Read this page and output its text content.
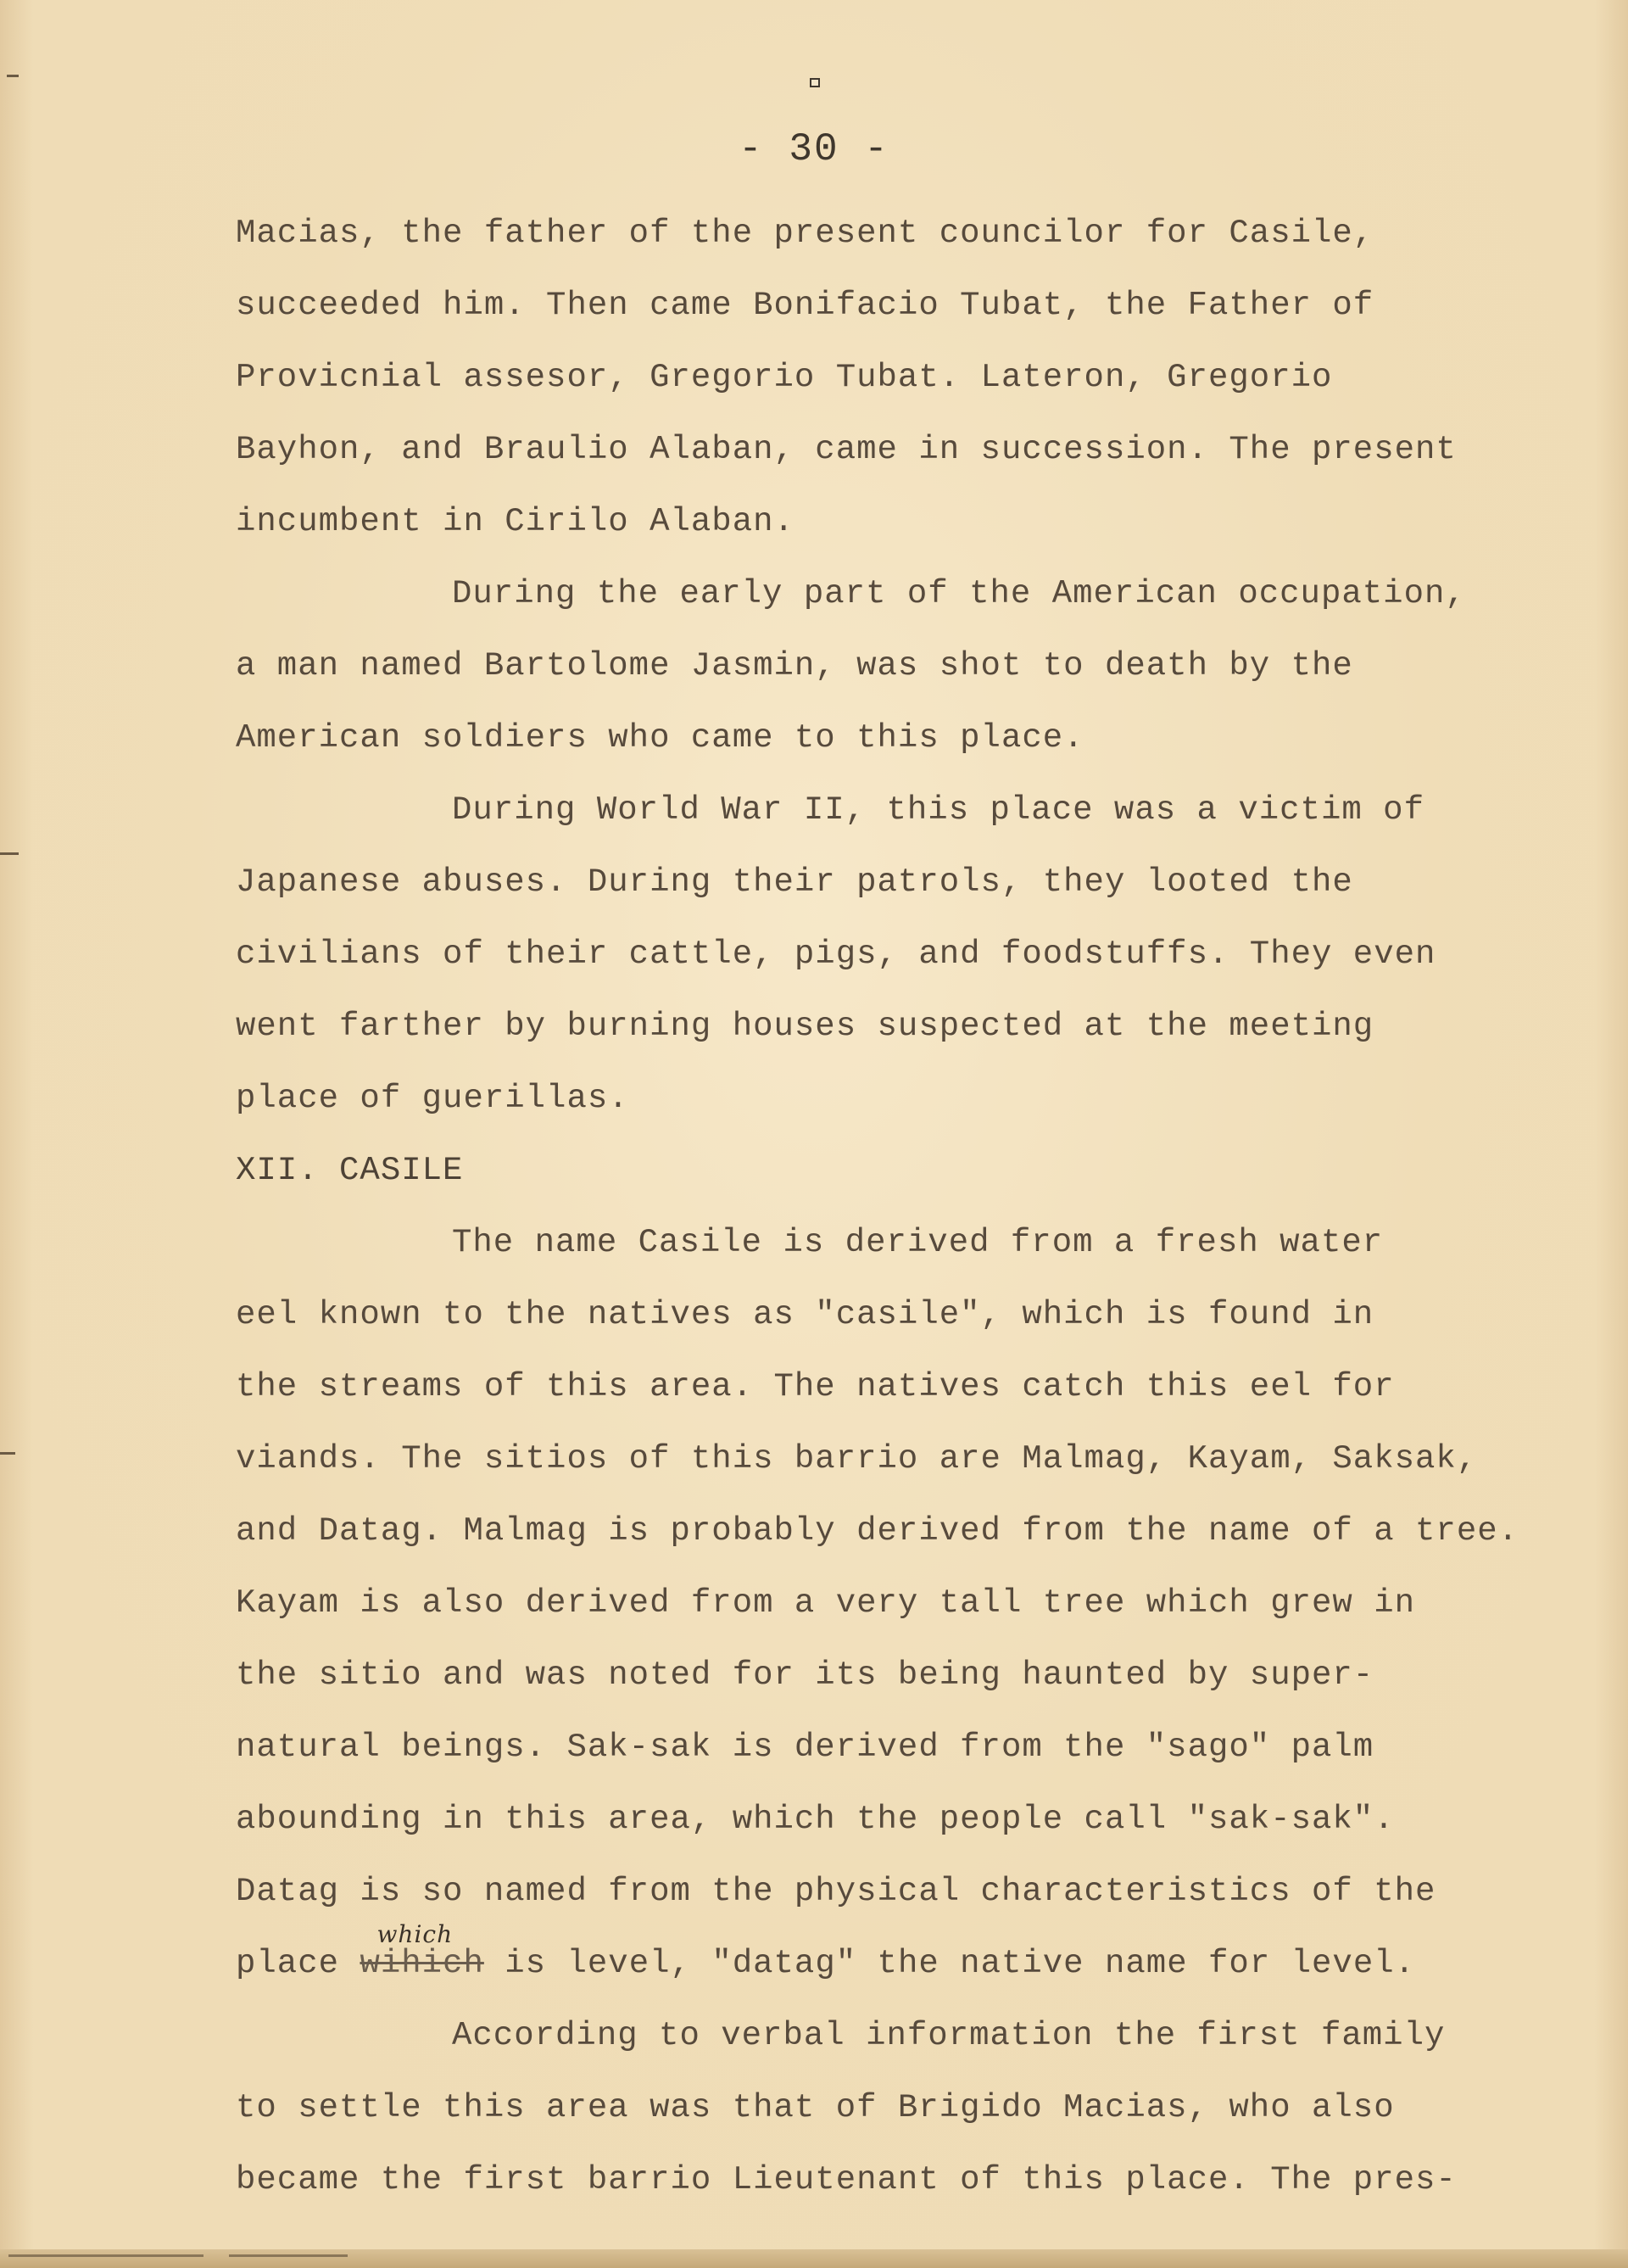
- 30 -
Macias, the father of the present councilor for Casile,
succeeded him. Then came Bonifacio Tubat, the Father of
Provicnial assesor, Gregorio Tubat. Lateron, Gregorio
Bayhon, and Braulio Alaban, came in succession. The present
incumbent in Cirilo Alaban.
During the early part of the American occupation,
a man named Bartolome Jasmin, was shot to death by the
American soldiers who came to this place.
During World War II, this place was a victim of
Japanese abuses. During their patrols, they looted the
civilians of their cattle, pigs, and foodstuffs. They even
went farther by burning houses suspected at the meeting
place of guerillas.
XII. CASILE
The name Casile is derived from a fresh water
eel known to the natives as "casile", which is found in
the streams of this area. The natives catch this eel for
viands. The sitios of this barrio are Malmag, Kayam, Saksak,
and Datag. Malmag is probably derived from the name of a tree.
Kayam is also derived from a very tall tree which grew in
the sitio and was noted for its being haunted by super-
natural beings. Sak-sak is derived from the "sago" palm
abounding in this area, which the people call "sak-sak".
Datag is so named from the physical characteristics of the
place wihich
which
is level, "datag" the native name for level.
According to verbal information the first family
to settle this area was that of Brigido Macias, who also
became the first barrio Lieutenant of this place. The pres-
